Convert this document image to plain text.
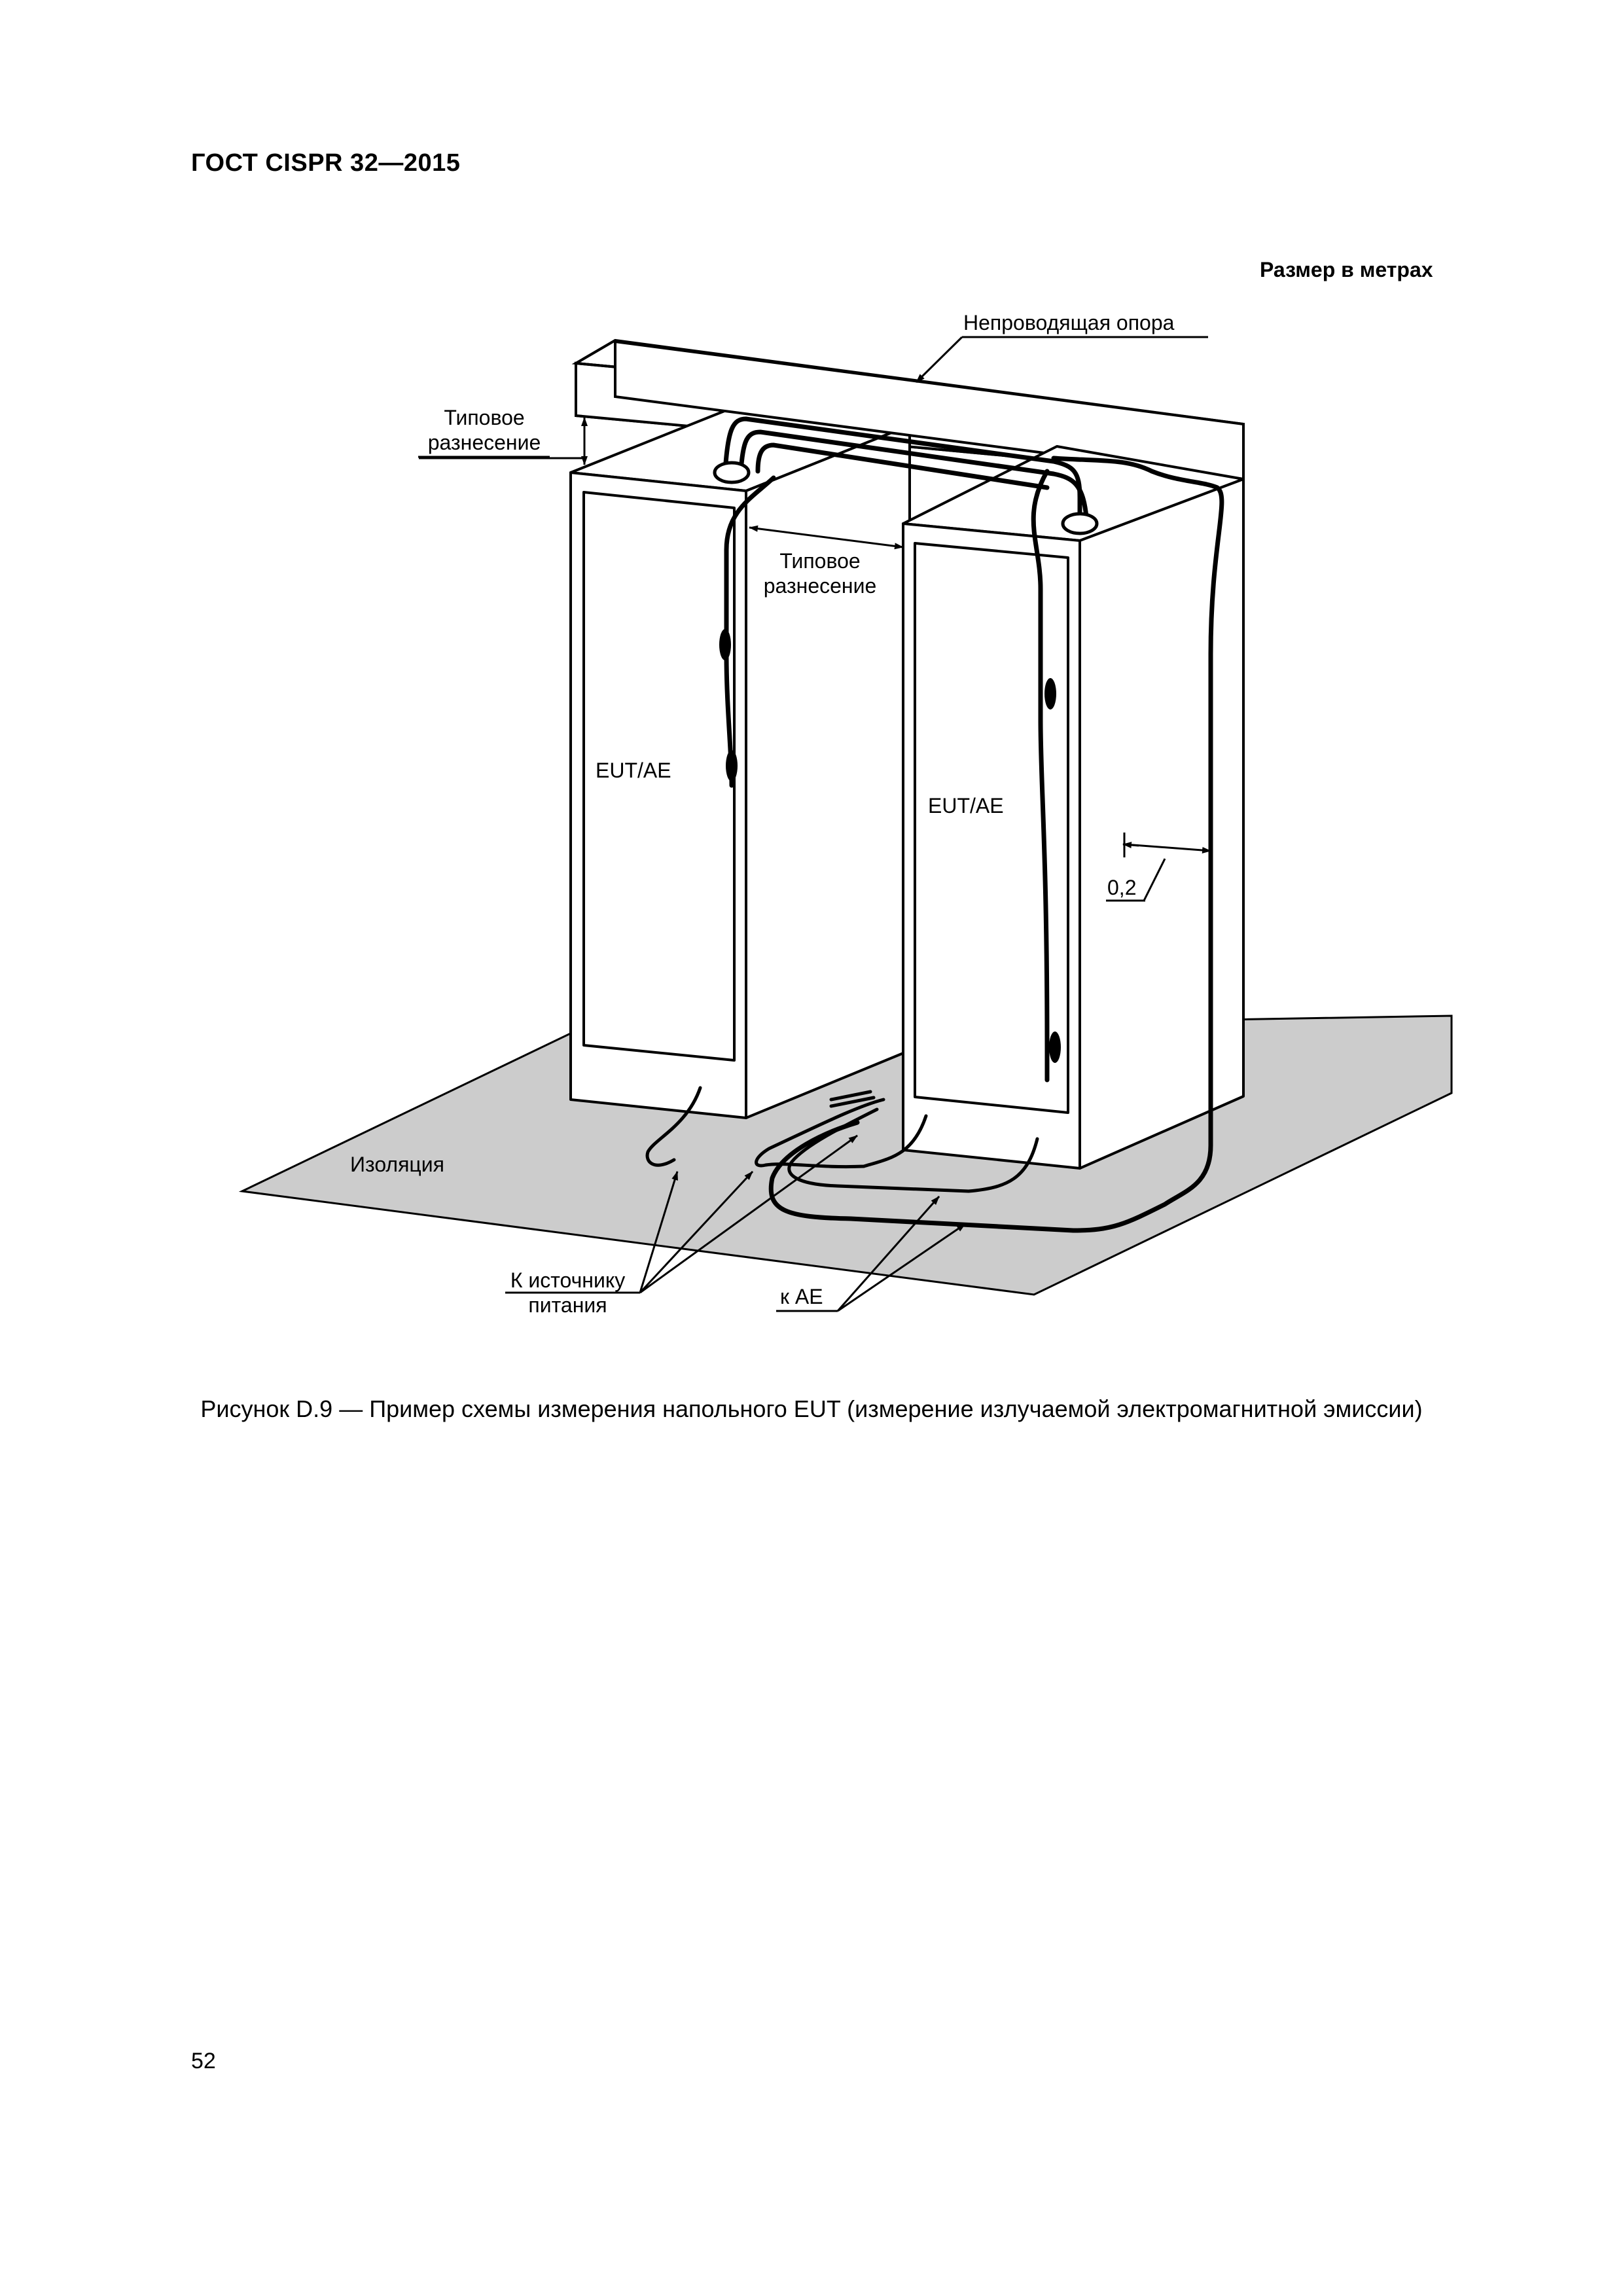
ГОСТ CISPR 32—2015
Размер в метрах
Непроводящая опора
Типовое
разнесение
Типовое
разнесение
EUT/AE
EUT/AE
0,2
Изоляция
К источнику
питания	к AE
Рисунок D.9 — Пример схемы измерения напольного EUT (измерение излучаемой электромагнитной эмиссии)
52
